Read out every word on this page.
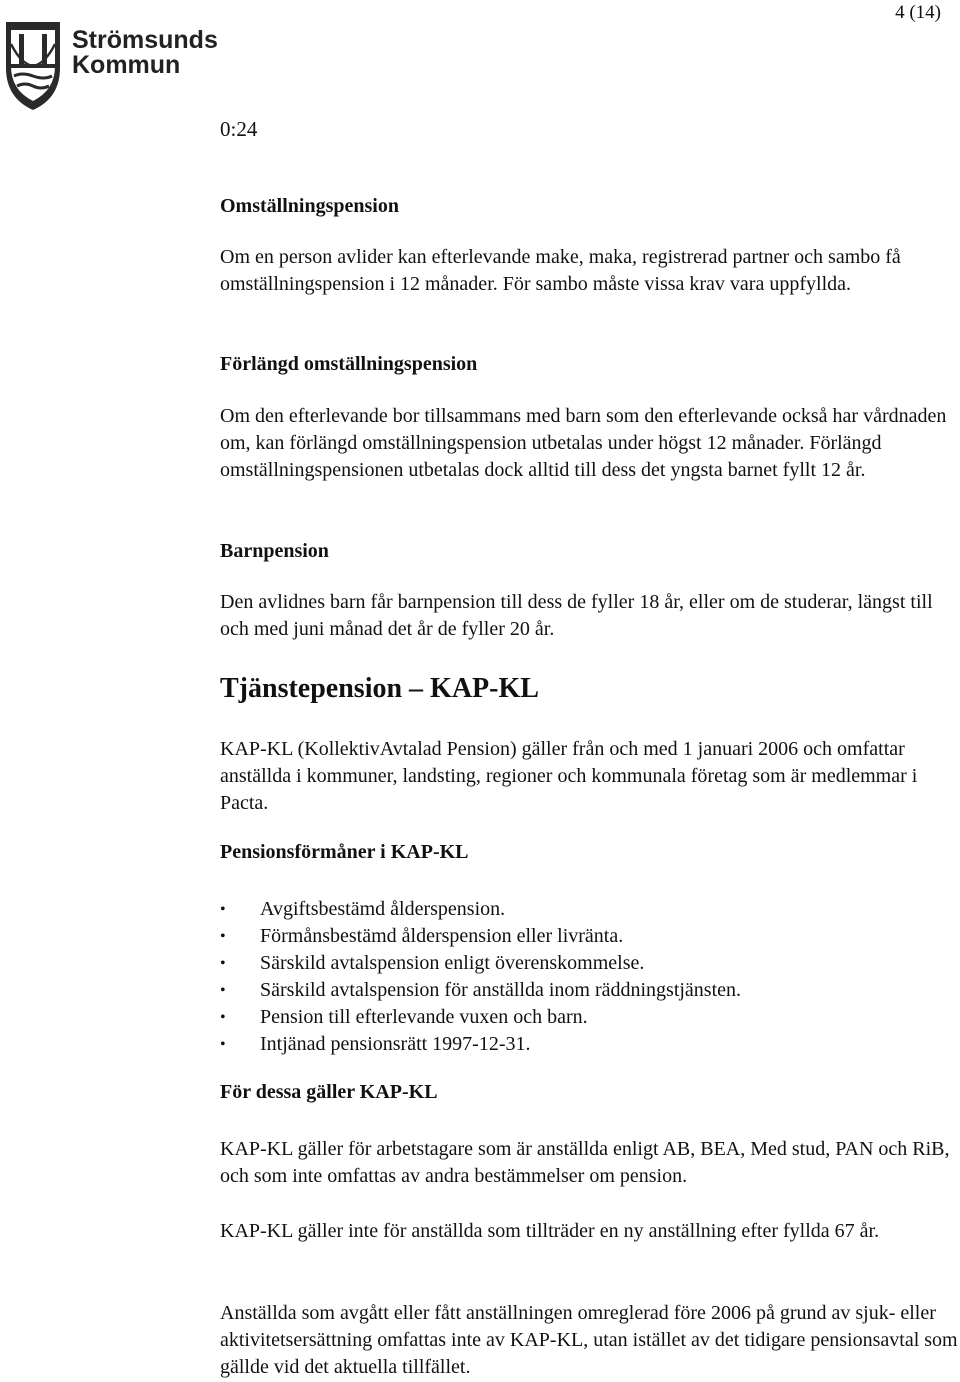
Strömsunds
Kommun
4 (14)
0:24
Omställningspension
Om en person avlider kan efterlevande make, maka, registrerad partner och sambo få omställningspension i 12 månader. För sambo måste vissa krav vara uppfyllda.
Förlängd omställningspension
Om den efterlevande bor tillsammans med barn som den efterlevande också har vårdnaden om, kan förlängd omställningspension utbetalas under högst 12 månader. Förlängd omställningspensionen utbetalas dock alltid till dess det yngsta barnet fyllt 12 år.
Barnpension
Den avlidnes barn får barnpension till dess de fyller 18 år, eller om de studerar, längst till och med juni månad det år de fyller 20 år.
Tjänstepension – KAP-KL
KAP-KL (KollektivAvtalad Pension) gäller från och med 1 januari 2006 och omfattar anställda i kommuner, landsting, regioner och kommunala företag som är medlemmar i Pacta.
Pensionsförmåner i KAP-KL
• Avgiftsbestämd ålderspension.
• Förmånsbestämd ålderspension eller livränta.
• Särskild avtalspension enligt överenskommelse.
• Särskild avtalspension för anställda inom räddningstjänsten.
• Pension till efterlevande vuxen och barn.
• Intjänad pensionsrätt 1997-12-31.
För dessa gäller KAP-KL
KAP-KL gäller för arbetstagare som är anställda enligt AB, BEA, Med stud, PAN och RiB, och som inte omfattas av andra bestämmelser om pension.
KAP-KL gäller inte för anställda som tillträder en ny anställning efter fyllda 67 år.
Anställda som avgått eller fått anställningen omreglerad före 2006 på grund av sjuk- eller aktivitetsersättning omfattas inte av KAP-KL, utan istället av det tidigare pensionsavtal som gällde vid det aktuella tillfället.
